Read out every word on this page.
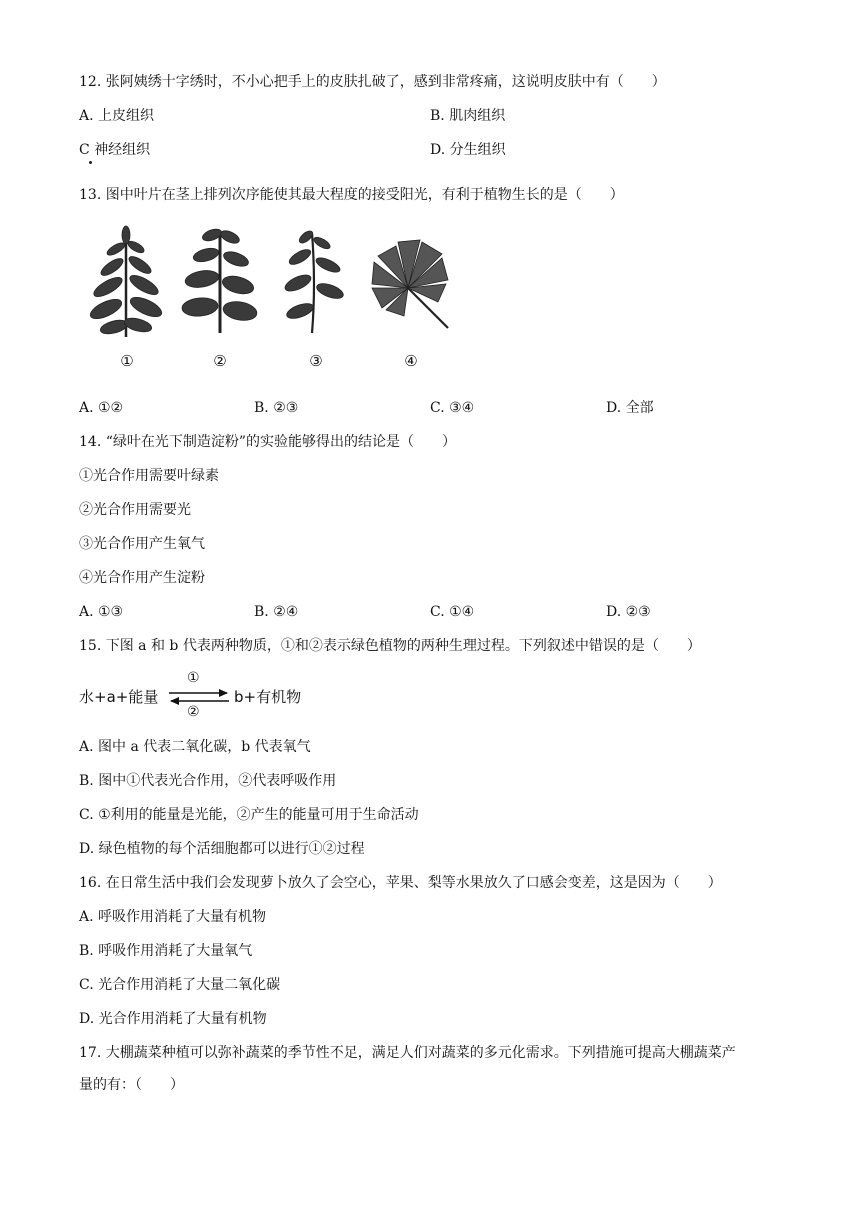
12. 张阿姨绣十字绣时，不小心把手上的皮肤扎破了，感到非常疼痛，这说明皮肤中有（　　）
A. 上皮组织	B. 肌肉组织
C 神经组织	D. 分生组织
13. 图中叶片在茎上排列次序能使其最大程度的接受阳光，有利于植物生长的是（　　）
①	②	③	④
A. ①②	B. ②③	C. ③④	D. 全部
14. “绿叶在光下制造淀粉”的实验能够得出的结论是（　　）
①光合作用需要叶绿素
②光合作用需要光
③光合作用产生氧气
④光合作用产生淀粉
A. ①③	B. ②④	C. ①④	D. ②③
15. 下图 a 和 b 代表两种物质，①和②表示绿色植物的两种生理过程。下列叙述中错误的是（　　）
水+a+能量
①
②
b+有机物
A. 图中 a 代表二氧化碳，b 代表氧气
B. 图中①代表光合作用，②代表呼吸作用
C. ①利用的能量是光能，②产生的能量可用于生命活动
D. 绿色植物的每个活细胞都可以进行①②过程
16. 在日常生活中我们会发现萝卜放久了会空心，苹果、梨等水果放久了口感会变差，这是因为（　　）
A. 呼吸作用消耗了大量有机物
B. 呼吸作用消耗了大量氧气
C. 光合作用消耗了大量二氧化碳
D. 光合作用消耗了大量有机物
17. 大棚蔬菜种植可以弥补蔬菜的季节性不足，满足人们对蔬菜的多元化需求。下列措施可提高大棚蔬菜产
量的有：（　　）
